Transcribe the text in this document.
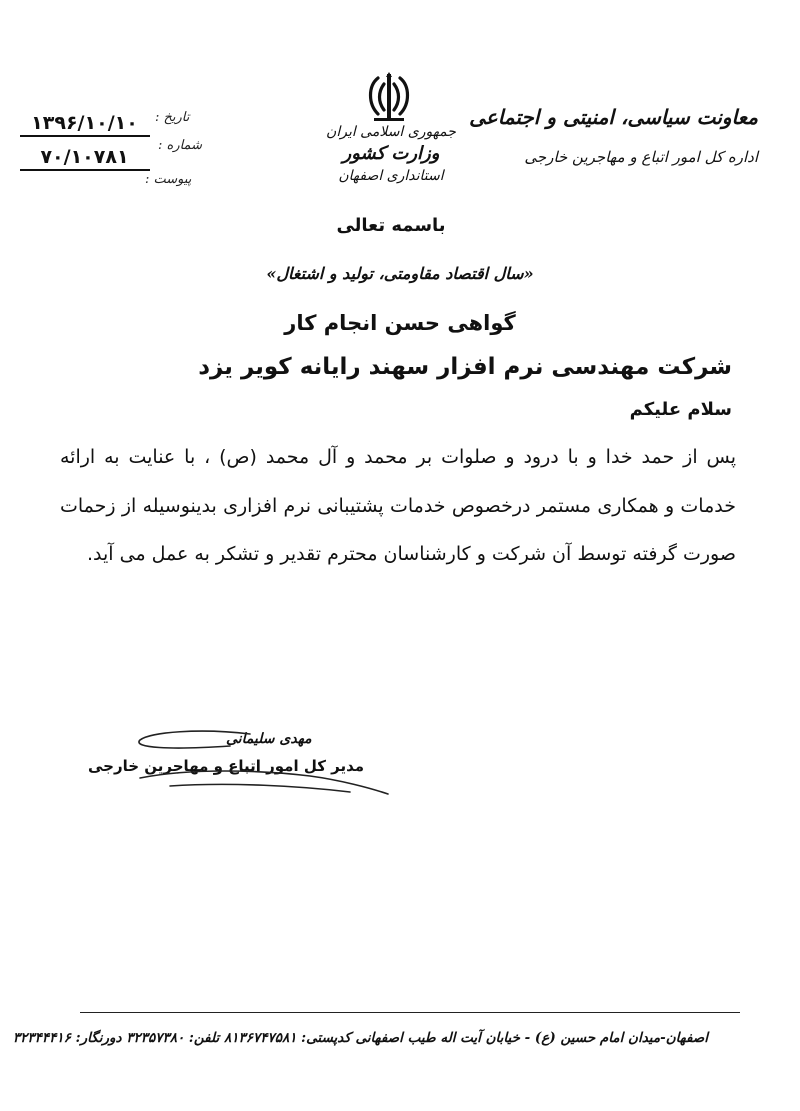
تاریخ :
۱۳۹۶/۱۰/۱۰
شماره :
۷۰/۱۰۷۸۱
پیوست :
جمهوری اسلامی ایران
وزارت کشور
استانداری اصفهان
باسمه تعالی
معاونت سیاسی، امنیتی و اجتماعی
اداره کل امور اتباع و مهاجرین خارجی
«سال اقتصاد مقاومتی، تولید و اشتغال»
گواهی حسن انجام کار
شرکت مهندسی نرم افزار سهند رایانه کویر یزد
سلام علیکم
پس از حمد خدا و با درود و صلوات بر محمد و آل محمد (ص) ، با عنایت به ارائه خدمات و همکاری مستمر درخصوص خدمات پشتیبانی نرم افزاری بدینوسیله از زحمات صورت گرفته توسط آن شرکت و کارشناسان محترم تقدیر و تشکر به عمل می آید.
مهدی سلیمانی
مدیر کل امور اتباع و مهاجرین خارجی
اصفهان-میدان امام حسین (ع) - خیابان آیت اله طیب اصفهانی کدپستی: ۸۱۳۶۷۴۷۵۸۱ تلفن: ۳۲۳۵۷۳۸۰ دورنگار: ۳۲۳۴۴۴۱۶
